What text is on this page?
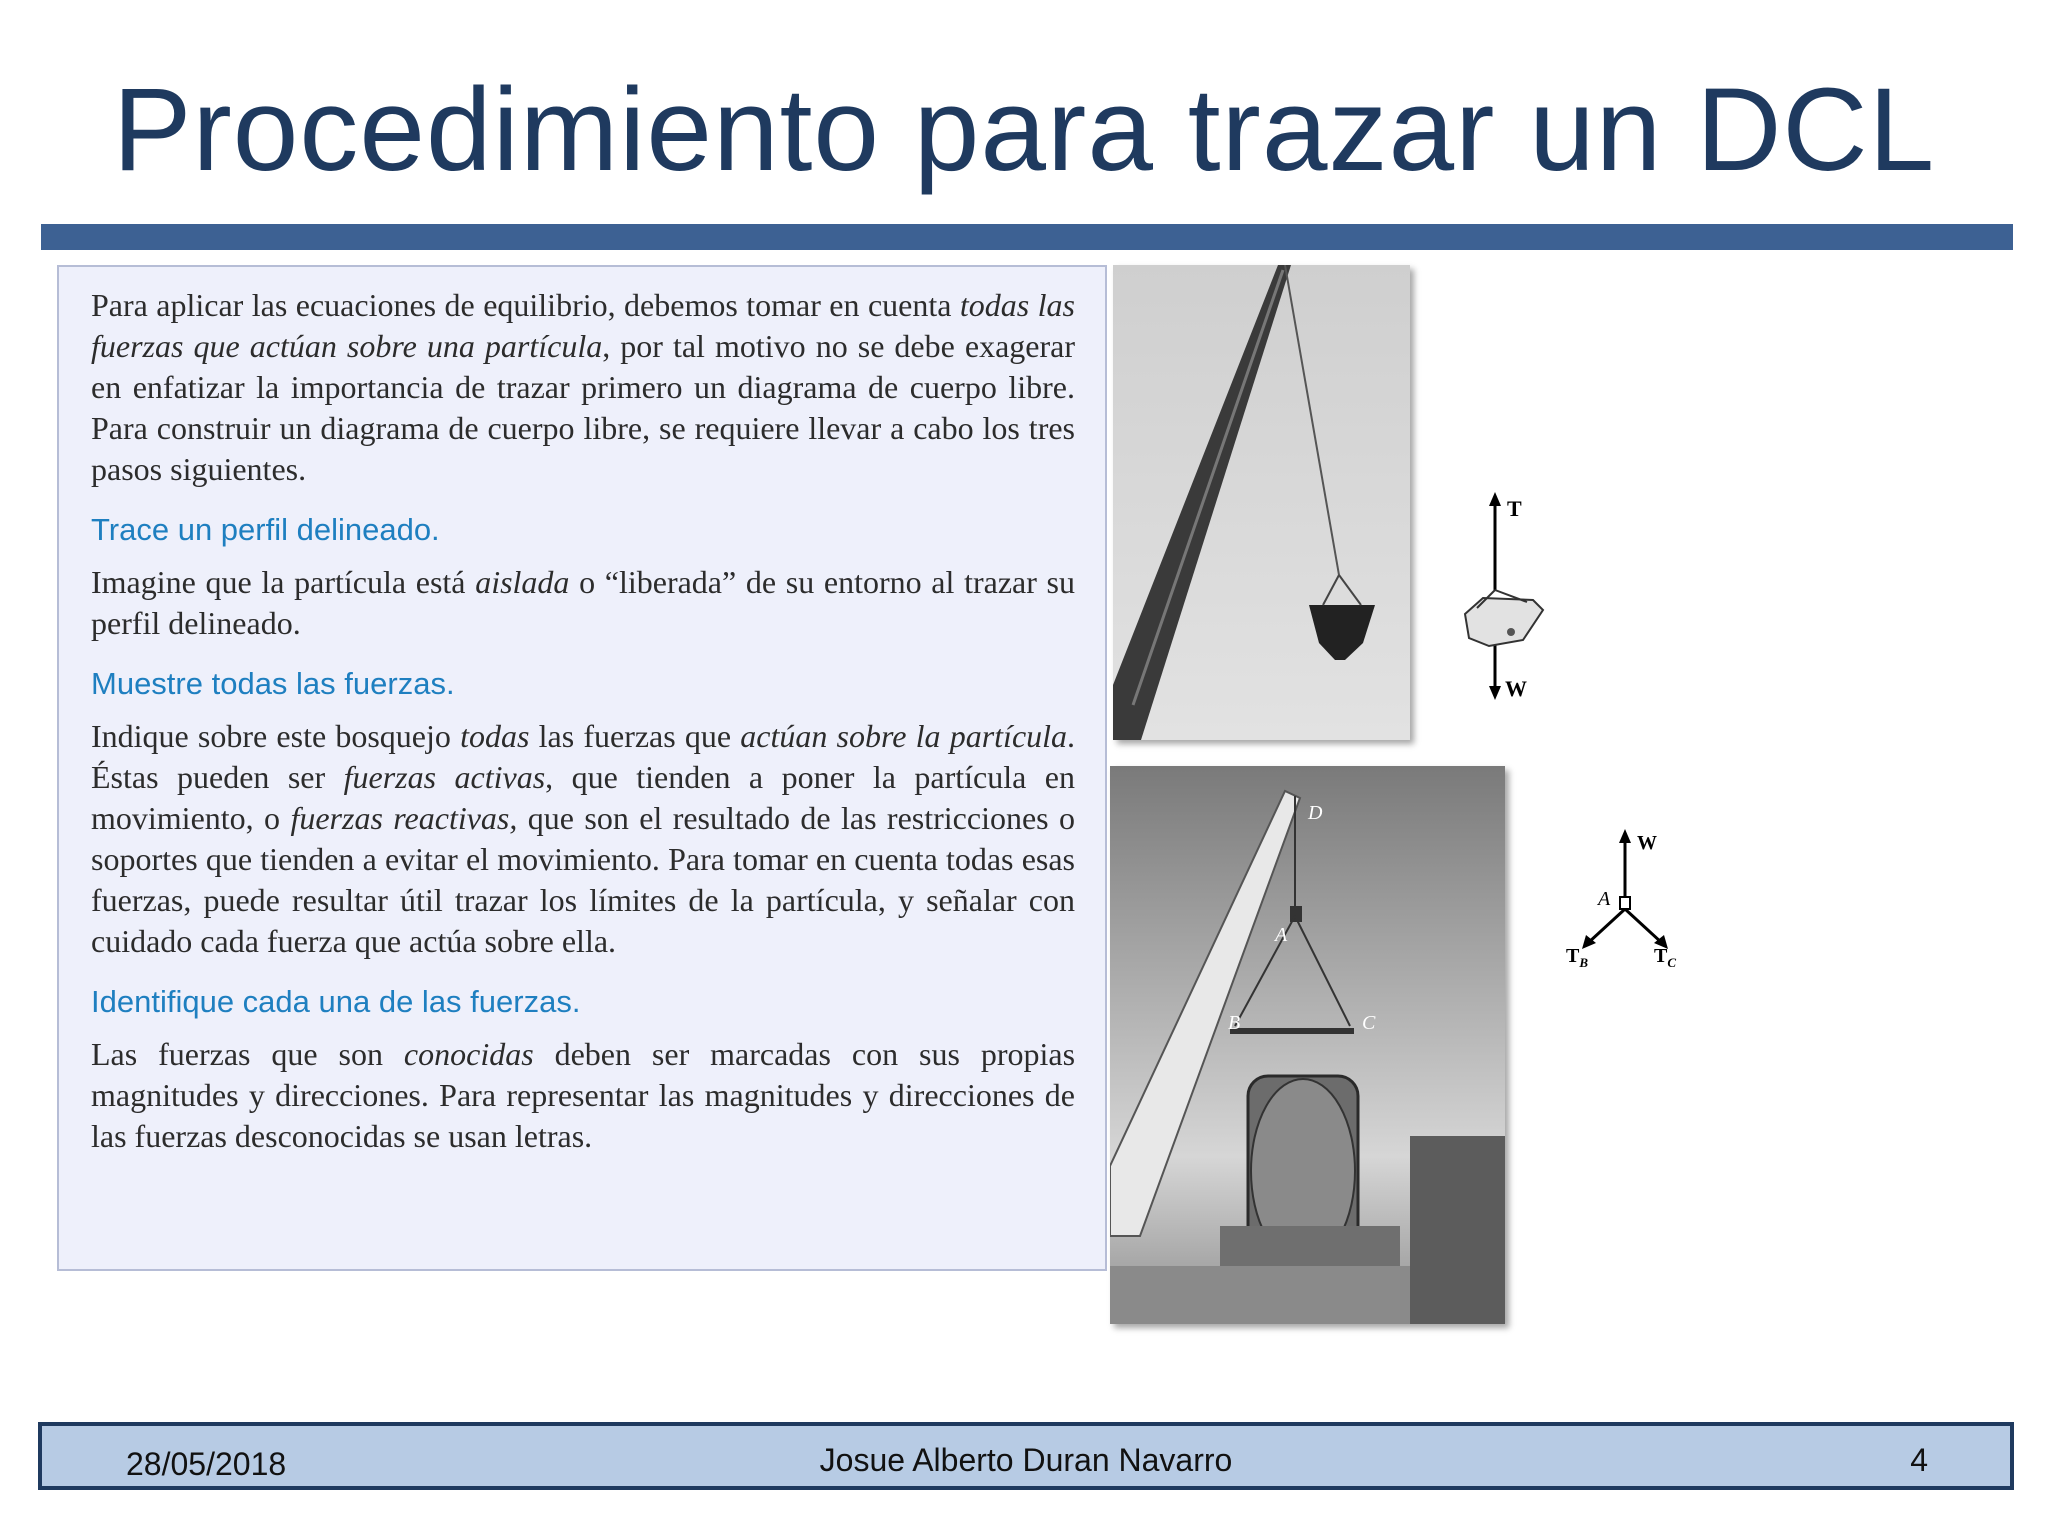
Procedimiento para trazar un DCL

Para aplicar las ecuaciones de equilibrio, debemos tomar en cuenta todas las fuerzas que actúan sobre una partícula, por tal motivo no se debe exagerar en enfatizar la importancia de trazar primero un diagrama de cuerpo libre. Para construir un diagrama de cuerpo libre, se requiere llevar a cabo los tres pasos siguientes.

Trace un perfil delineado.

Imagine que la partícula está aislada o “liberada” de su entorno al trazar su perfil delineado.

Muestre todas las fuerzas.

Indique sobre este bosquejo todas las fuerzas que actúan sobre la partícula. Éstas pueden ser fuerzas activas, que tienden a poner la partícula en movimiento, o fuerzas reactivas, que son el resultado de las restricciones o soportes que tienden a evitar el movimiento. Para tomar en cuenta todas esas fuerzas, puede resultar útil trazar los límites de la partícula, y señalar con cuidado cada fuerza que actúa sobre ella.

Identifique cada una de las fuerzas.

Las fuerzas que son conocidas deben ser marcadas con sus propias magnitudes y direcciones. Para representar las magnitudes y direcciones de las fuerzas desconocidas se usan letras.

T
W
D
A
B	C
W
A
$T_B$	$T_C$
28/05/2018	Josue Alberto Duran Navarro	4
